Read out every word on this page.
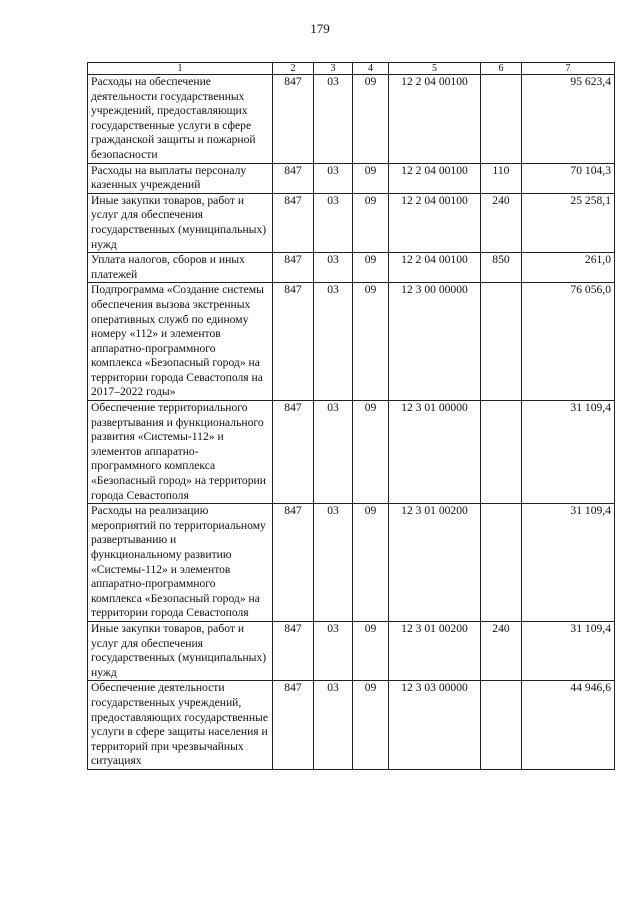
179
1	2	3	4	5	6	7
Расходы на обеспечение деятельности государственных учреждений, предоставляющих государственные услуги в сфере гражданской защиты и пожарной безопасности	847	03	09	12 2 04 00100		95 623,4
Расходы на выплаты персоналу казенных учреждений	847	03	09	12 2 04 00100	110	70 104,3
Иные закупки товаров, работ и услуг для обеспечения государственных (муниципальных) нужд	847	03	09	12 2 04 00100	240	25 258,1
Уплата налогов, сборов и иных платежей	847	03	09	12 2 04 00100	850	261,0
Подпрограмма «Создание системы обеспечения вызова экстренных оперативных служб по единому номеру «112» и элементов аппаратно-программного комплекса «Безопасный город» на территории города Севастополя на 2017–2022 годы»	847	03	09	12 3 00 00000		76 056,0
Обеспечение территориального развертывания и функционального развития «Системы-112» и элементов аппаратно-программного комплекса «Безопасный город» на территории города Севастополя	847	03	09	12 3 01 00000		31 109,4
Расходы на реализацию мероприятий по территориальному развертыванию и функциональному развитию «Системы-112» и элементов аппаратно-программного комплекса «Безопасный город» на территории города Севастополя	847	03	09	12 3 01 00200		31 109,4
Иные закупки товаров, работ и услуг для обеспечения государственных (муниципальных) нужд	847	03	09	12 3 01 00200	240	31 109,4
Обеспечение деятельности государственных учреждений, предоставляющих государственные услуги в сфере защиты населения и территорий при чрезвычайных ситуациях	847	03	09	12 3 03 00000		44 946,6
